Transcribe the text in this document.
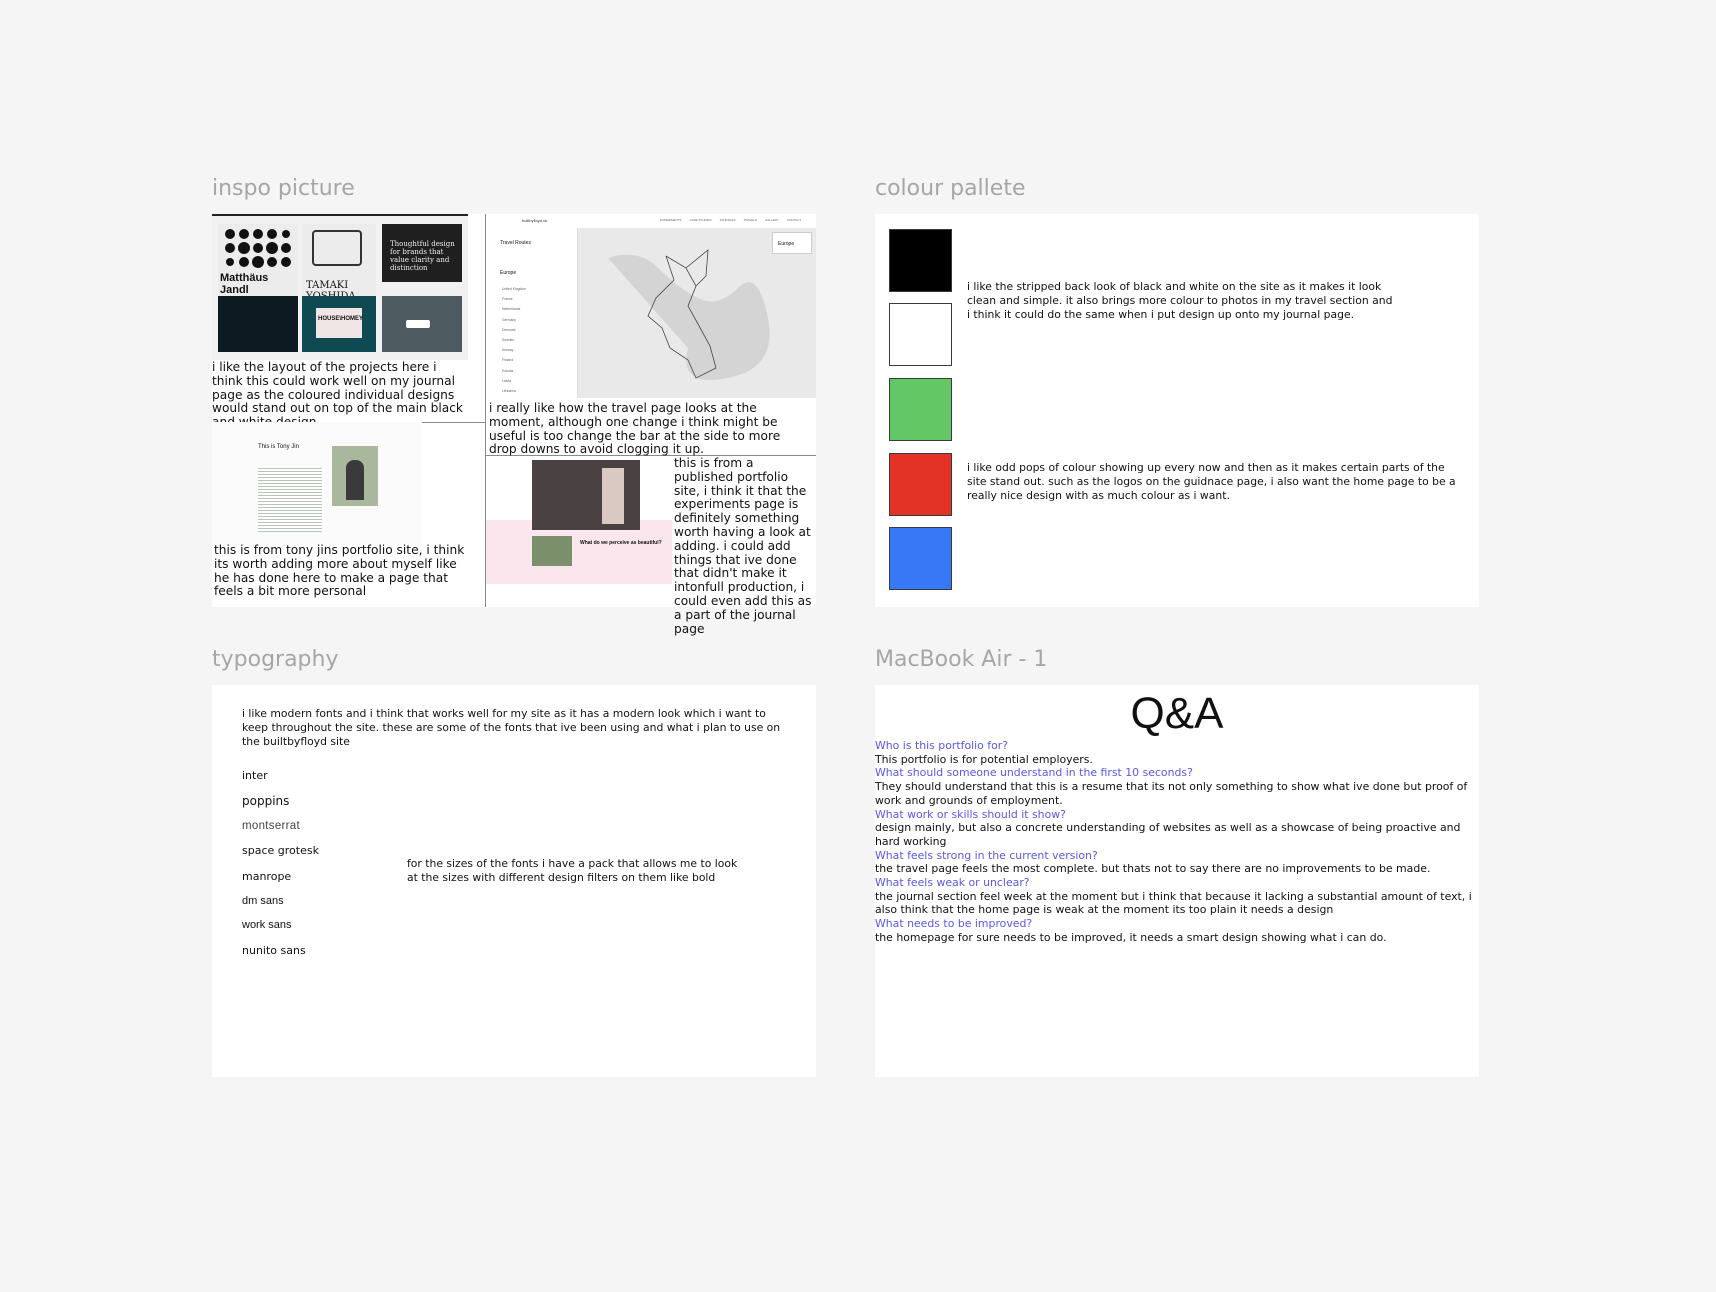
inspo picture
Matthäus Jandl	TAMAKI
Thoughtful design for brands that value clarity and distinction
HOUSE\HOMEY
i like the layout of the projects here i think this could work well on my journal page as the coloured individual designs would stand out on top of the main black
builtbyfloyd.uk	EXPERIMENTS	CASE STUDIES	JOURNALS	TRAVELS	GALLERY	CONTACT
Travel Routes
Europe
United Kingdom
France
Netherlands
Germany
Denmark
Sweden
Norway
Finland
Estonia
Latvia
Lithuania
Europe
i really like how the travel page looks at the moment, although one change i think might be useful is too change the bar at the side to more drop downs to avoid clogging it up.
This is Tony Jin
this is from tony jins portfolio site, i think its worth adding more about myself like he has done here to make a page that feels a bit more personal
What do we perceive as beautiful?
this is from a published portfolio site, i think it that the experiments page is definitely something worth having a look at adding. i could add things that ive done that didn't make it intonfull production, i could even add this as a part of the journal page
colour pallete
i like the stripped back look of black and white on the site as it makes it look clean and simple. it also brings more colour to photos in my travel section and i think it could do the same when i put design up onto my journal page.
i like odd pops of colour showing up every now and then as it makes certain parts of the site stand out. such as the logos on the guidnace page, i also want the home page to be a really nice design with as much colour as i want.
typography
i like modern fonts and i think that works well for my site as it has a modern look which i want to keep throughout the site. these are some of the fonts that ive been using and what i plan to use on the builtbyfloyd site
inter
poppins
montserrat
space grotesk
manrope
dm sans
work sans
nunito sans
for the sizes of the fonts i have a pack that allows me to look at the sizes with different design filters on them like bold
MacBook Air - 1
Q&A
Who is this portfolio for?
This portfolio is for potential employers.
What should someone understand in the first 10 seconds?
They should understand that this is a resume that its not only something to show what ive done but proof of work and grounds of employment.
What work or skills should it show?
design mainly, but also a concrete understanding of websites as well as a showcase of being proactive and hard working
What feels strong in the current version?
the travel page feels the most complete. but thats not to say there are no improvements to be made.
What feels weak or unclear?
the journal section feel week at the moment but i think that because it lacking a substantial amount of text, i also think that the home page is weak at the moment its too plain it needs a design
What needs to be improved?
the homepage for sure needs to be improved, it needs a smart design showing what i can do.
